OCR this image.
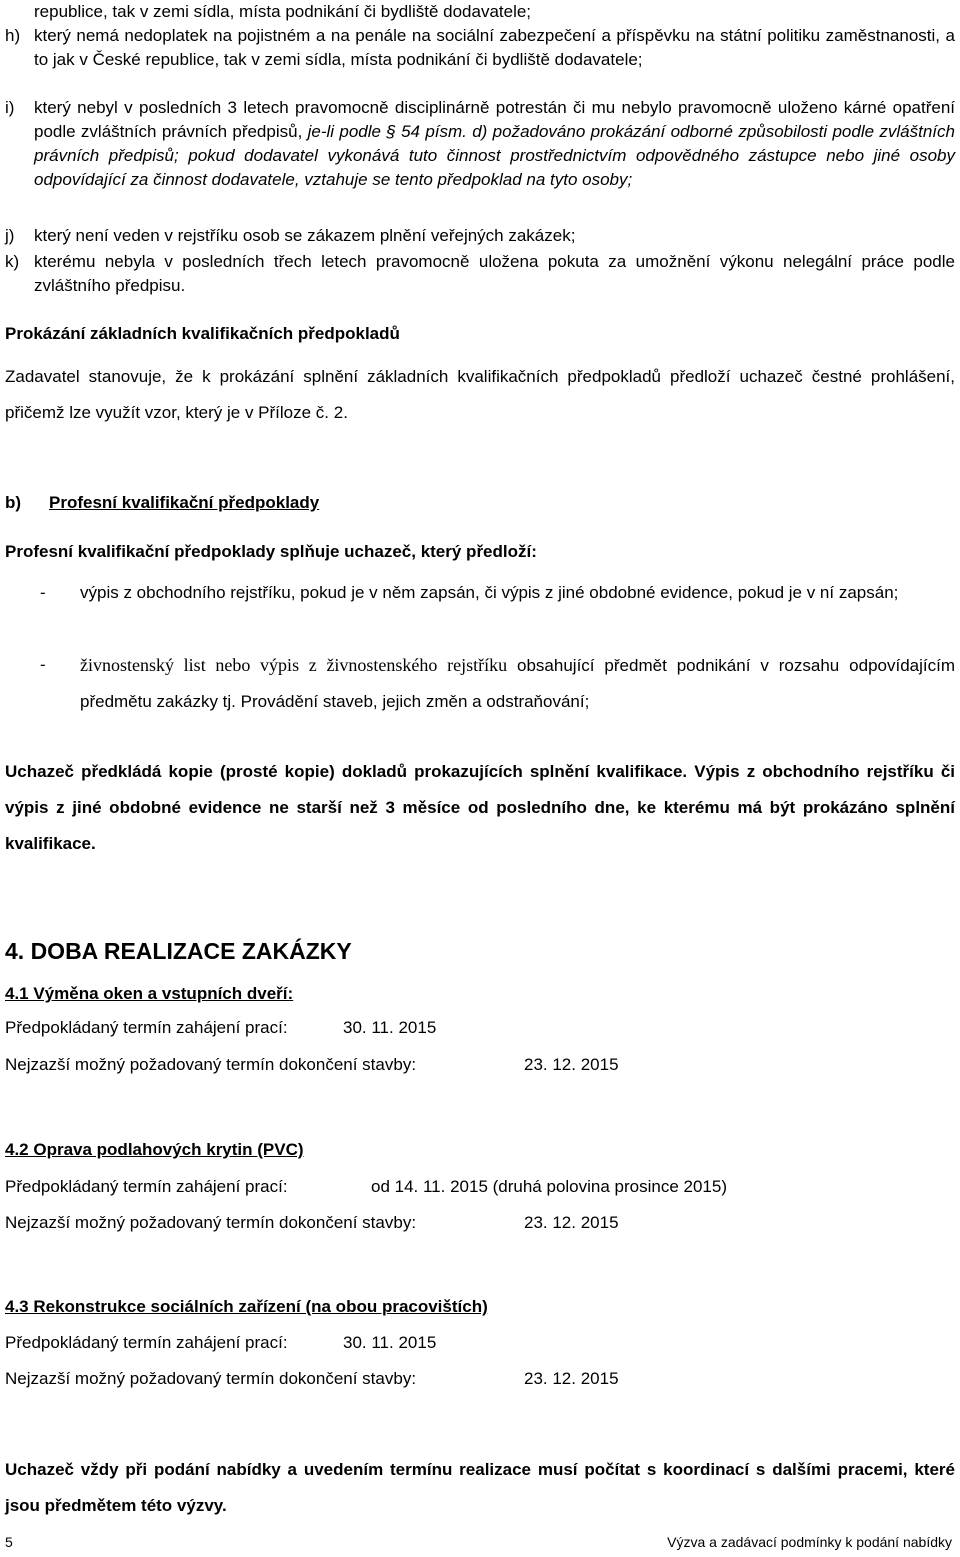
republice, tak v zemi sídla, místa podnikání či bydliště dodavatele;
h) který nemá nedoplatek na pojistném a na penále na sociální zabezpečení a příspěvku na státní politiku zaměstnanosti, a to jak v České republice, tak v zemi sídla, místa podnikání či bydliště dodavatele;
i) který nebyl v posledních 3 letech pravomocně disciplinárně potrestán či mu nebylo pravomocně uloženo kárné opatření podle zvláštních právních předpisů, je-li podle § 54 písm. d) požadováno prokázání odborné způsobilosti podle zvláštních právních předpisů; pokud dodavatel vykonává tuto činnost prostřednictvím odpovědného zástupce nebo jiné osoby odpovídající za činnost dodavatele, vztahuje se tento předpoklad na tyto osoby;
j) který není veden v rejstříku osob se zákazem plnění veřejných zakázek;
k) kterému nebyla v posledních třech letech pravomocně uložena pokuta za umožnění výkonu nelegální práce podle zvláštního předpisu.
Prokázání základních kvalifikačních předpokladů
Zadavatel stanovuje, že k prokázání splnění základních kvalifikačních předpokladů předloží uchazeč čestné prohlášení, přičemž lze využít vzor, který je v Příloze č. 2.
b) Profesní kvalifikační předpoklady
Profesní kvalifikační předpoklady splňuje uchazeč, který předloží:
- výpis z obchodního rejstříku, pokud je v něm zapsán, či výpis z jiné obdobné evidence, pokud je v ní zapsán;
- živnostenský list nebo výpis z živnostenského rejstříku obsahující předmět podnikání v rozsahu odpovídajícím předmětu zakázky tj. Provádění staveb, jejich změn a odstraňování;
Uchazeč předkládá kopie (prosté kopie) dokladů prokazujících splnění kvalifikace. Výpis z obchodního rejstříku či výpis z jiné obdobné evidence ne starší než 3 měsíce od posledního dne, ke kterému má být prokázáno splnění kvalifikace.
4. DOBA REALIZACE ZAKÁZKY
4.1 Výměna oken a vstupních dveří:
Předpokládaný termín zahájení prací:	30. 11. 2015
Nejzazší možný požadovaný termín dokončení stavby:	23. 12. 2015
4.2 Oprava podlahových krytin (PVC)
Předpokládaný termín zahájení prací:	od 14. 11. 2015 (druhá polovina prosince 2015)
Nejzazší možný požadovaný termín dokončení stavby:	23. 12. 2015
4.3 Rekonstrukce sociálních zařízení (na obou pracovištích)
Předpokládaný termín zahájení prací:	30. 11. 2015
Nejzazší možný požadovaný termín dokončení stavby:	23. 12. 2015
Uchazeč vždy při podání nabídky a uvedením termínu realizace musí počítat s koordinací s dalšími pracemi, které jsou předmětem této výzvy.
5	Výzva a zadávací podmínky k podání nabídky
